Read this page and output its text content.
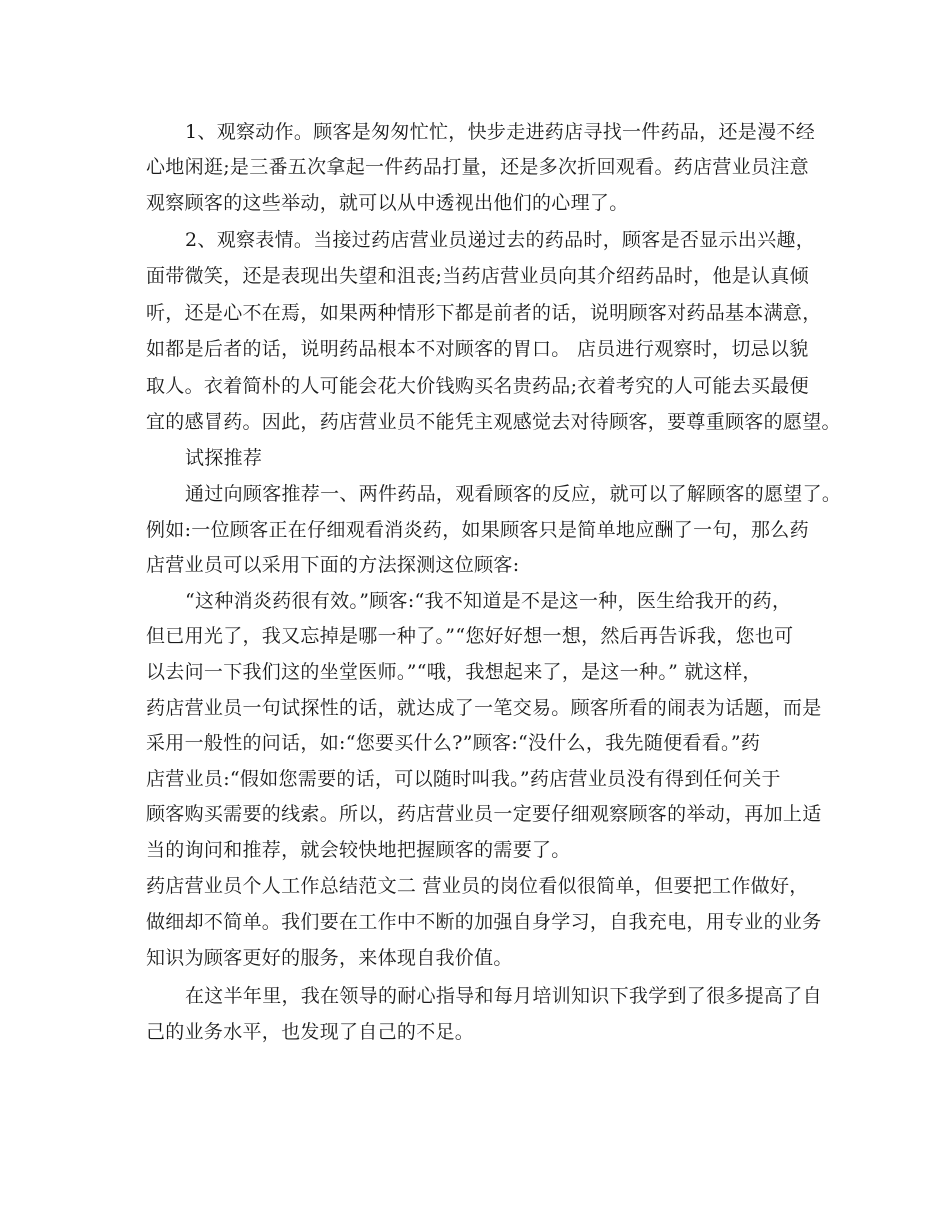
1、观察动作。顾客是匆匆忙忙，快步走进药店寻找一件药品，还是漫不经
心地闲逛;是三番五次拿起一件药品打量，还是多次折回观看。药店营业员注意
观察顾客的这些举动，就可以从中透视出他们的心理了。
2、观察表情。当接过药店营业员递过去的药品时，顾客是否显示出兴趣，
面带微笑，还是表现出失望和沮丧;当药店营业员向其介绍药品时，他是认真倾
听，还是心不在焉，如果两种情形下都是前者的话，说明顾客对药品基本满意，
如都是后者的话，说明药品根本不对顾客的胃口。 店员进行观察时，切忌以貌
取人。衣着简朴的人可能会花大价钱购买名贵药品;衣着考究的人可能去买最便
宜的感冒药。因此，药店营业员不能凭主观感觉去对待顾客，要尊重顾客的愿望。
试探推荐
通过向顾客推荐一、两件药品，观看顾客的反应，就可以了解顾客的愿望了。
例如:一位顾客正在仔细观看消炎药，如果顾客只是简单地应酬了一句，那么药
店营业员可以采用下面的方法探测这位顾客:
“这种消炎药很有效。”顾客:“我不知道是不是这一种，医生给我开的药，
但已用光了，我又忘掉是哪一种了。”“您好好想一想，然后再告诉我，您也可
以去问一下我们这的坐堂医师。”“哦，我想起来了，是这一种。” 就这样，
药店营业员一句试探性的话，就达成了一笔交易。顾客所看的闹表为话题，而是
采用一般性的问话，如:“您要买什么?”顾客:“没什么，我先随便看看。”药
店营业员:“假如您需要的话，可以随时叫我。”药店营业员没有得到任何关于
顾客购买需要的线索。所以，药店营业员一定要仔细观察顾客的举动，再加上适
当的询问和推荐，就会较快地把握顾客的需要了。
药店营业员个人工作总结范文二 营业员的岗位看似很简单，但要把工作做好，
做细却不简单。我们要在工作中不断的加强自身学习，自我充电，用专业的业务
知识为顾客更好的服务，来体现自我价值。
在这半年里，我在领导的耐心指导和每月培训知识下我学到了很多提高了自
己的业务水平，也发现了自己的不足。
